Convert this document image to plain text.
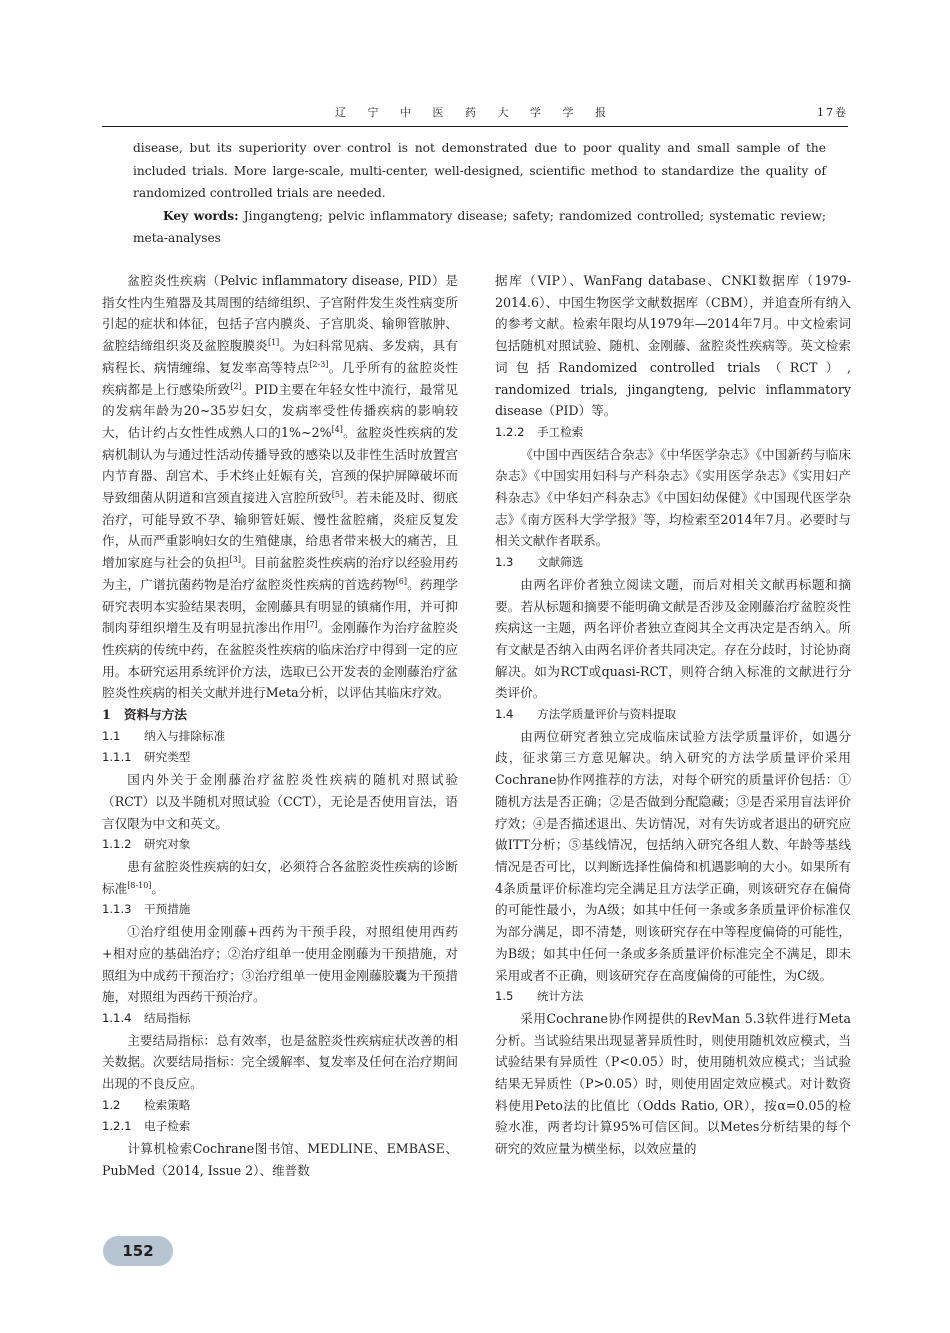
辽 宁 中 医 药 大 学 学 报	17卷

disease, but its superiority over control is not demonstrated due to poor quality and small sample of the included trials. More large-scale, multi-center, well-designed, scientific method to standardize the quality of randomized controlled trials are needed.

Key words: Jingangteng; pelvic inflammatory disease; safety; randomized controlled; systematic review; meta-analyses

盆腔炎性疾病（Pelvic inflammatory disease, PID）是指女性内生殖器及其周围的结缔组织、子宫附件发生炎性病变所引起的症状和体征，包括子宫内膜炎、子宫肌炎、输卵管脓肿、盆腔结缔组织炎及盆腔腹膜炎[1]。为妇科常见病、多发病，具有病程长、病情缠绵、复发率高等特点[2-3]。几乎所有的盆腔炎性疾病都是上行感染所致[2]。PID主要在年轻女性中流行，最常见的发病年龄为20~35岁妇女，发病率受性传播疾病的影响较大，估计约占女性性成熟人口的1%~2%[4]。盆腔炎性疾病的发病机制认为与通过性活动传播导致的感染以及非性生活时放置宫内节育器、刮宫术、手术终止妊娠有关，宫颈的保护屏障破坏而导致细菌从阴道和宫颈直接进入宫腔所致[5]。若未能及时、彻底治疗，可能导致不孕、输卵管妊娠、慢性盆腔痛，炎症反复发作，从而严重影响妇女的生殖健康，给患者带来极大的痛苦，且增加家庭与社会的负担[3]。目前盆腔炎性疾病的治疗以经验用药为主，广谱抗菌药物是治疗盆腔炎性疾病的首选药物[6]。药理学研究表明本实验结果表明，金刚藤具有明显的镇痛作用，并可抑制肉芽组织增生及有明显抗渗出作用[7]。金刚藤作为治疗盆腔炎性疾病的传统中药，在盆腔炎性疾病的临床治疗中得到一定的应用。本研究运用系统评价方法，选取已公开发表的金刚藤治疗盆腔炎性疾病的相关文献并进行Meta分析，以评估其临床疗效。

1 资料与方法
1.1 纳入与排除标准
1.1.1 研究类型

国内外关于金刚藤治疗盆腔炎性疾病的随机对照试验（RCT）以及半随机对照试验（CCT），无论是否使用盲法，语言仅限为中文和英文。

1.1.2 研究对象

患有盆腔炎性疾病的妇女，必须符合各盆腔炎性疾病的诊断标准[8-10]。

1.1.3 干预措施

①治疗组使用金刚藤+西药为干预手段，对照组使用西药+相对应的基础治疗；②治疗组单一使用金刚藤为干预措施，对照组为中成药干预治疗；③治疗组单一使用金刚藤胶囊为干预措施，对照组为西药干预治疗。

1.1.4 结局指标

主要结局指标：总有效率，也是盆腔炎性疾病症状改善的相关数据。次要结局指标：完全缓解率、复发率及任何在治疗期间出现的不良反应。

1.2 检索策略
1.2.1 电子检索

计算机检索Cochrane图书馆、MEDLINE、EMBASE、PubMed（2014, Issue 2）、维普数

据库（VIP）、WanFang database、CNKI数据库（1979-2014.6）、中国生物医学文献数据库（CBM），并追查所有纳入的参考文献。检索年限均从1979年—2014年7月。中文检索词包括随机对照试验、随机、金刚藤、盆腔炎性疾病等。英文检索词包括Randomized controlled trials（RCT）, randomized trials, jingangteng, pelvic inflammatory disease（PID）等。

1.2.2 手工检索

《中国中西医结合杂志》《中华医学杂志》《中国新药与临床杂志》《中国实用妇科与产科杂志》《实用医学杂志》《实用妇产科杂志》《中华妇产科杂志》《中国妇幼保健》《中国现代医学杂志》《南方医科大学学报》等，均检索至2014年7月。必要时与相关文献作者联系。

1.3 文献筛选

由两名评价者独立阅读文题，而后对相关文献再标题和摘要。若从标题和摘要不能明确文献是否涉及金刚藤治疗盆腔炎性疾病这一主题，两名评价者独立查阅其全文再决定是否纳入。所有文献是否纳入由两名评价者共同决定。存在分歧时，讨论协商解决。如为RCT或quasi-RCT，则符合纳入标准的文献进行分类评价。

1.4 方法学质量评价与资料提取

由两位研究者独立完成临床试验方法学质量评价，如遇分歧，征求第三方意见解决。纳入研究的方法学质量评价采用Cochrane协作网推荐的方法，对每个研究的质量评价包括：①随机方法是否正确；②是否做到分配隐藏；③是否采用盲法评价疗效；④是否描述退出、失访情况，对有失访或者退出的研究应做ITT分析；⑤基线情况，包括纳入研究各组人数、年龄等基线情况是否可比，以判断选择性偏倚和机遇影响的大小。如果所有4条质量评价标准均完全满足且方法学正确，则该研究存在偏倚的可能性最小，为A级；如其中任何一条或多条质量评价标准仅为部分满足，即不清楚，则该研究存在中等程度偏倚的可能性，为B级；如其中任何一条或多条质量评价标准完全不满足，即未采用或者不正确，则该研究存在高度偏倚的可能性，为C级。

1.5 统计方法

采用Cochrane协作网提供的RevMan 5.3软件进行Meta分析。当试验结果出现显著异质性时，则使用随机效应模式，当试验结果有异质性（P<0.05）时，使用随机效应模式；当试验结果无异质性（P>0.05）时，则使用固定效应模式。对计数资料使用Peto法的比值比（Odds Ratio, OR），按α=0.05的检验水准，两者均计算95%可信区间。以Metes分析结果的每个研究的效应量为横坐标，以效应量的

152
